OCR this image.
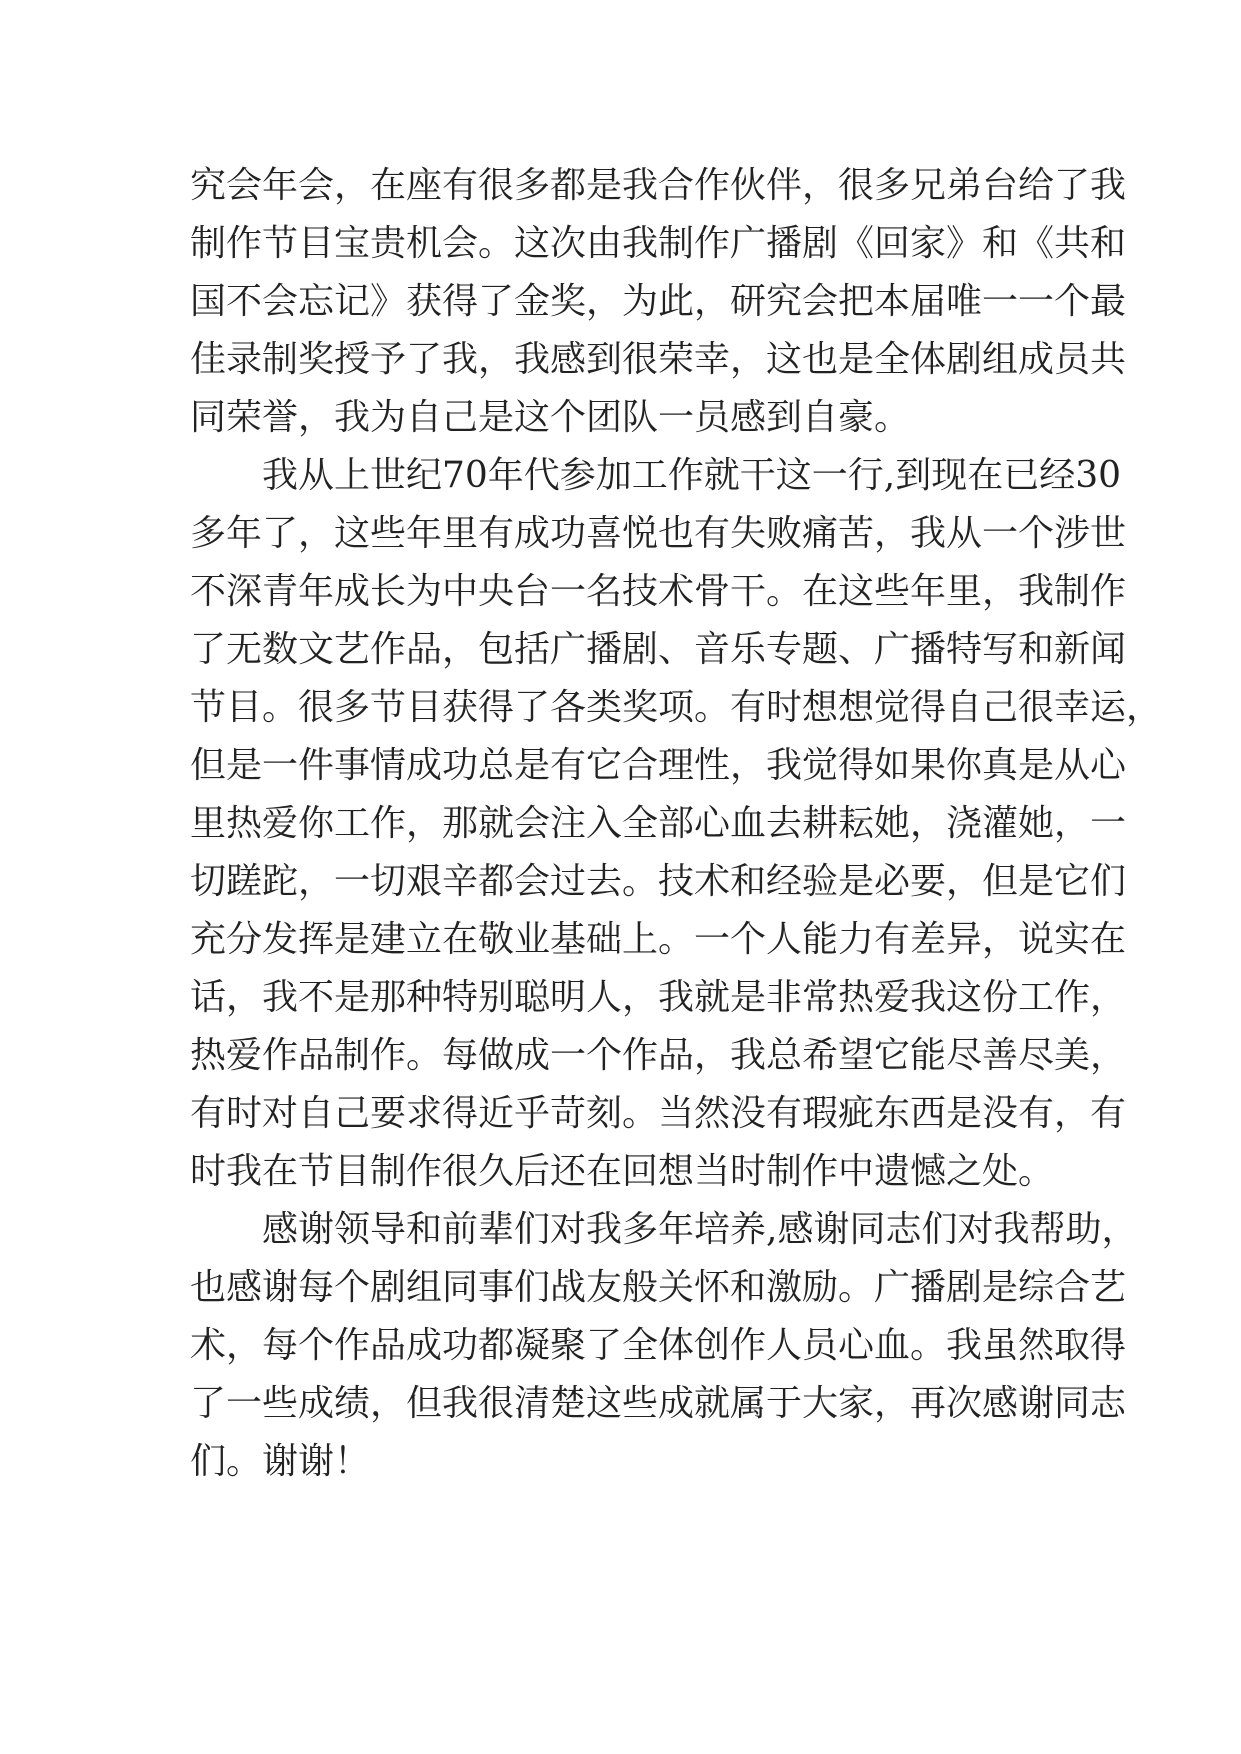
究会年会，在座有很多都是我合作伙伴，很多兄弟台给了我
制作节目宝贵机会。这次由我制作广播剧《回家》和《共和
国不会忘记》获得了金奖，为此，研究会把本届唯一一个最
佳录制奖授予了我，我感到很荣幸，这也是全体剧组成员共
同荣誉，我为自己是这个团队一员感到自豪。
我从上世纪70年代参加工作就干这一行,到现在已经30
多年了，这些年里有成功喜悦也有失败痛苦，我从一个涉世
不深青年成长为中央台一名技术骨干。在这些年里，我制作
了无数文艺作品，包括广播剧、音乐专题、广播特写和新闻
节目。很多节目获得了各类奖项。有时想想觉得自己很幸运，
但是一件事情成功总是有它合理性，我觉得如果你真是从心
里热爱你工作，那就会注入全部心血去耕耘她，浇灌她，一
切蹉跎，一切艰辛都会过去。技术和经验是必要，但是它们
充分发挥是建立在敬业基础上。一个人能力有差异，说实在
话，我不是那种特别聪明人，我就是非常热爱我这份工作，
热爱作品制作。每做成一个作品，我总希望它能尽善尽美，
有时对自己要求得近乎苛刻。当然没有瑕疵东西是没有，有
时我在节目制作很久后还在回想当时制作中遗憾之处。
感谢领导和前辈们对我多年培养,感谢同志们对我帮助，
也感谢每个剧组同事们战友般关怀和激励。广播剧是综合艺
术，每个作品成功都凝聚了全体创作人员心血。我虽然取得
了一些成绩，但我很清楚这些成就属于大家，再次感谢同志
们。谢谢！
